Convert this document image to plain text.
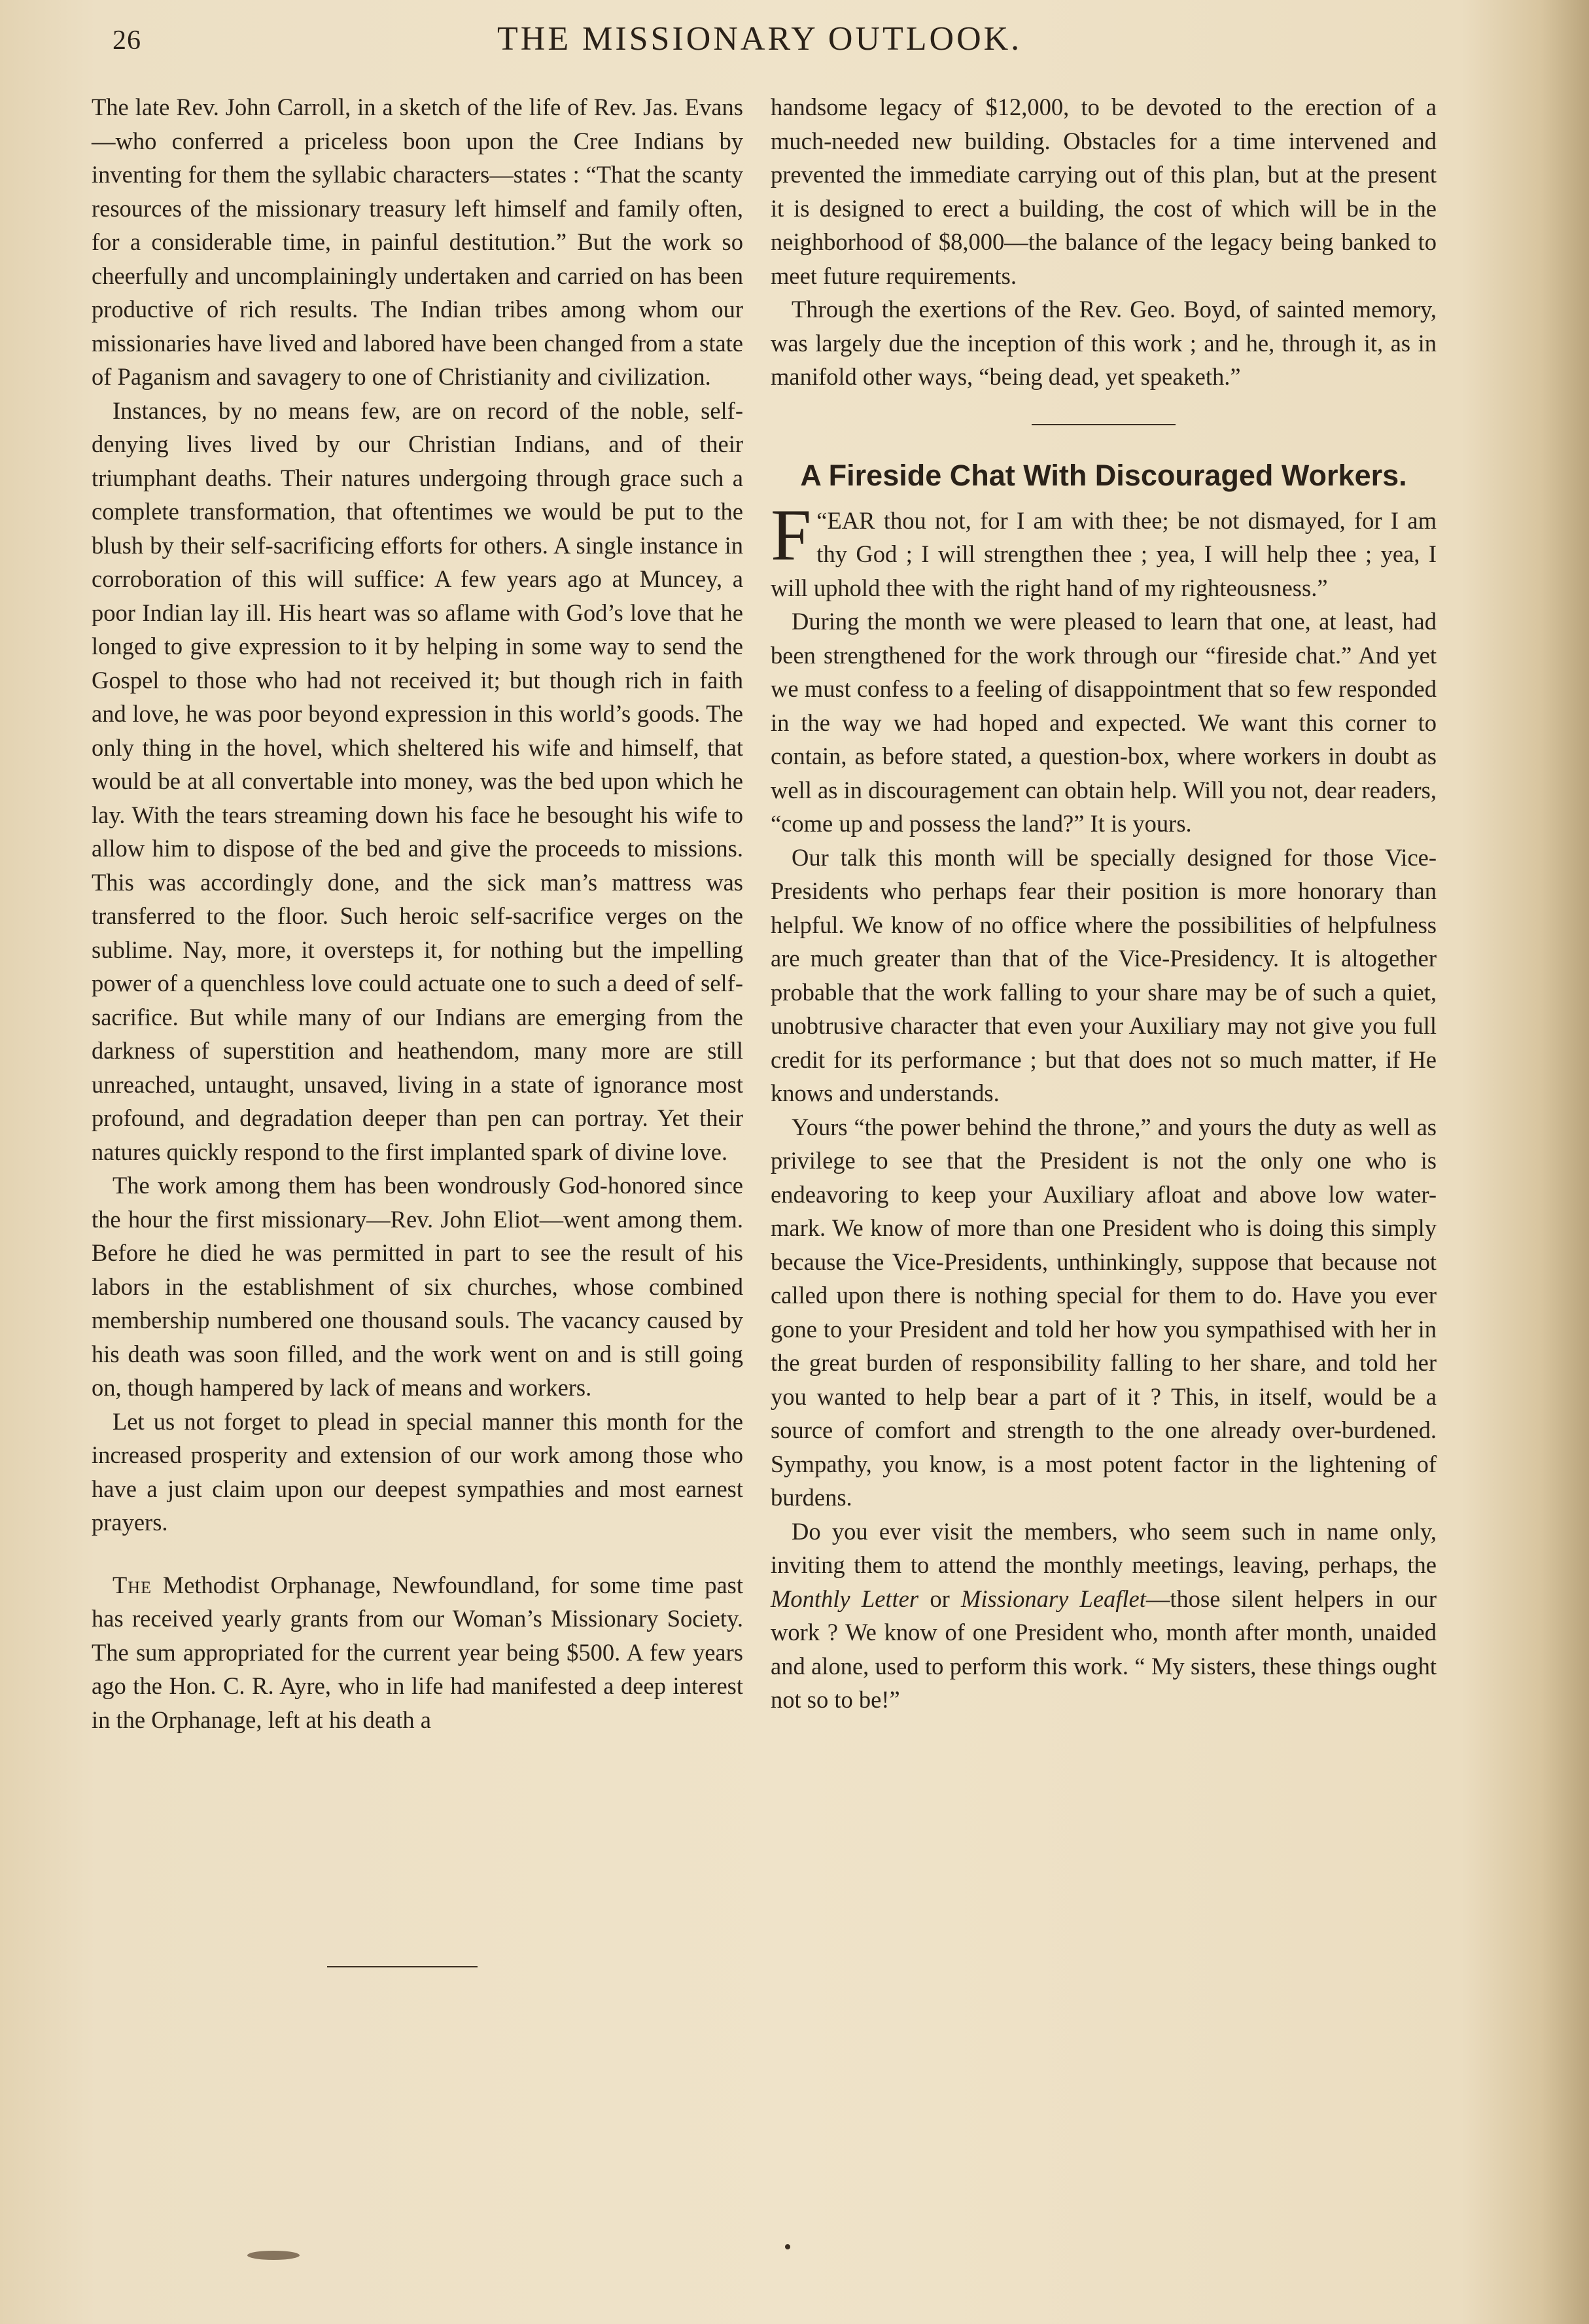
26	THE MISSIONARY OUTLOOK.

The late Rev. John Carroll, in a sketch of the life of Rev. Jas. Evans—who conferred a priceless boon upon the Cree Indians by inventing for them the syllabic characters—states : “That the scanty resources of the missionary treasury left himself and family often, for a considerable time, in painful destitution.” But the work so cheerfully and uncomplainingly undertaken and carried on has been productive of rich results. The Indian tribes among whom our missionaries have lived and labored have been changed from a state of Paganism and savagery to one of Christianity and civilization.

Instances, by no means few, are on record of the noble, self-denying lives lived by our Christian Indians, and of their triumphant deaths. Their natures undergoing through grace such a complete transformation, that oftentimes we would be put to the blush by their self-sacrificing efforts for others. A single instance in corroboration of this will suffice: A few years ago at Muncey, a poor Indian lay ill. His heart was so aflame with God’s love that he longed to give expression to it by helping in some way to send the Gospel to those who had not received it; but though rich in faith and love, he was poor beyond expression in this world’s goods. The only thing in the hovel, which sheltered his wife and himself, that would be at all convertable into money, was the bed upon which he lay. With the tears streaming down his face he besought his wife to allow him to dispose of the bed and give the proceeds to missions. This was accordingly done, and the sick man’s mattress was transferred to the floor. Such heroic self-sacrifice verges on the sublime. Nay, more, it oversteps it, for nothing but the impelling power of a quenchless love could actuate one to such a deed of self-sacrifice. But while many of our Indians are emerging from the darkness of superstition and heathendom, many more are still unreached, untaught, unsaved, living in a state of ignorance most profound, and degradation deeper than pen can portray. Yet their natures quickly respond to the first implanted spark of divine love.

The work among them has been wondrously God-honored since the hour the first missionary—Rev. John Eliot—went among them. Before he died he was permitted in part to see the result of his labors in the establishment of six churches, whose combined membership numbered one thousand souls. The vacancy caused by his death was soon filled, and the work went on and is still going on, though hampered by lack of means and workers.

Let us not forget to plead in special manner this month for the increased prosperity and extension of our work among those who have a just claim upon our deepest sympathies and most earnest prayers.

The Methodist Orphanage, Newfoundland, for some time past has received yearly grants from our Woman’s Missionary Society. The sum appropriated for the current year being $500. A few years ago the Hon. C. R. Ayre, who in life had manifested a deep interest in the Orphanage, left at his death a

handsome legacy of $12,000, to be devoted to the erection of a much-needed new building. Obstacles for a time intervened and prevented the immediate carrying out of this plan, but at the present it is designed to erect a building, the cost of which will be in the neighborhood of $8,000—the balance of the legacy being banked to meet future requirements.

Through the exertions of the Rev. Geo. Boyd, of sainted memory, was largely due the inception of this work ; and he, through it, as in manifold other ways, “being dead, yet speaketh.”

A Fireside Chat With Discouraged Workers.

“
F EAR thou not, for I am with thee; be not dismayed, for I am thy God ; I will strengthen thee ; yea, I will help thee ; yea, I will uphold thee with the right hand of my righteousness.”

During the month we were pleased to learn that one, at least, had been strengthened for the work through our “fireside chat.” And yet we must confess to a feeling of disappointment that so few responded in the way we had hoped and expected. We want this corner to contain, as before stated, a question-box, where workers in doubt as well as in discouragement can obtain help. Will you not, dear readers, “come up and possess the land?” It is yours.

Our talk this month will be specially designed for those Vice-Presidents who perhaps fear their position is more honorary than helpful. We know of no office where the possibilities of helpfulness are much greater than that of the Vice-Presidency. It is altogether probable that the work falling to your share may be of such a quiet, unobtrusive character that even your Auxiliary may not give you full credit for its performance ; but that does not so much matter, if He knows and understands.

Yours “the power behind the throne,” and yours the duty as well as privilege to see that the President is not the only one who is endeavoring to keep your Auxiliary afloat and above low water-mark. We know of more than one President who is doing this simply because the Vice-Presidents, unthinkingly, suppose that because not called upon there is nothing special for them to do. Have you ever gone to your President and told her how you sympathised with her in the great burden of responsibility falling to her share, and told her you wanted to help bear a part of it ? This, in itself, would be a source of comfort and strength to the one already over-burdened. Sympathy, you know, is a most potent factor in the lightening of burdens.

Do you ever visit the members, who seem such in name only, inviting them to attend the monthly meetings, leaving, perhaps, the Monthly Letter or Missionary Leaflet—those silent helpers in our work ? We know of one President who, month after month, unaided and alone, used to perform this work. “ My sisters, these things ought not so to be!”
